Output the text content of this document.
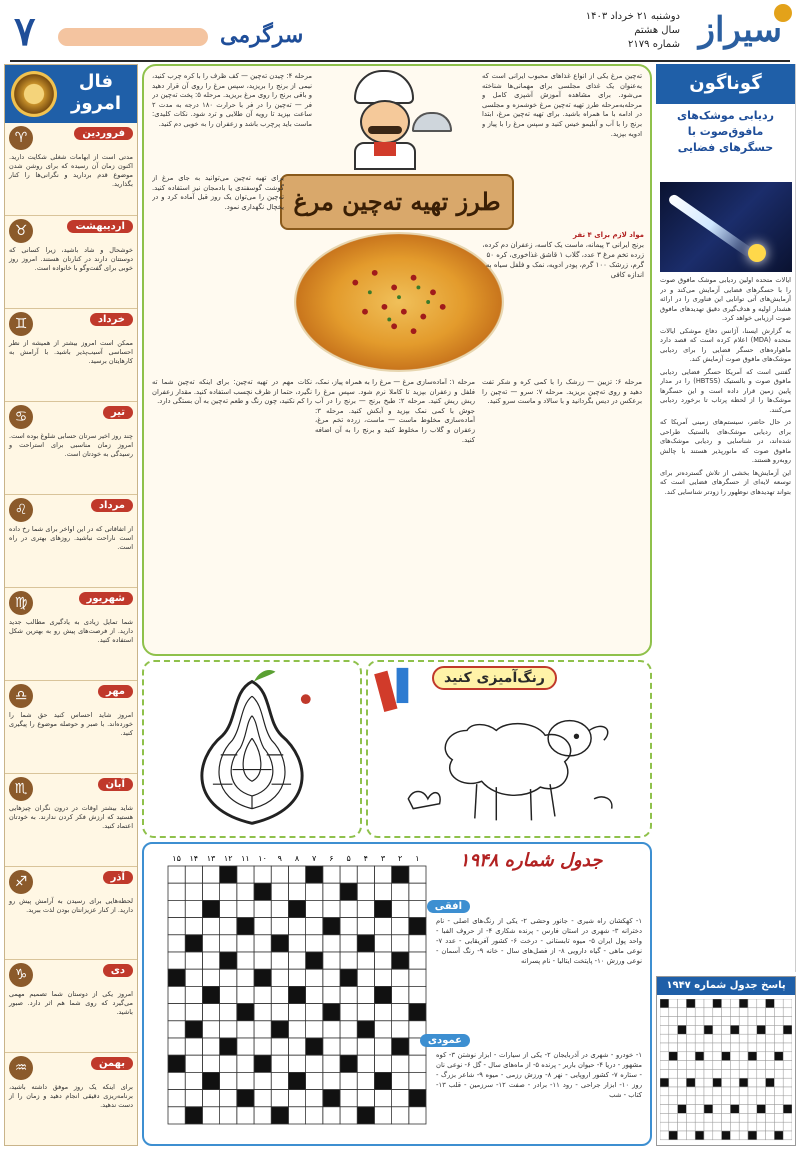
سیراز
دوشنبه ۲۱ خرداد ۱۴۰۳
سال هشتم
شماره ۲۱۷۹
سرگرمی
۷
فال امروز
♈	فروردین
مدتی است از ابهامات شغلی شکایت دارید. اکنون زمان آن رسیده که برای روشن شدن موضوع قدم بردارید و نگرانی‌ها را کنار بگذارید.
♉	اردیبهشت
خوشحال و شاد باشید، زیرا کسانی که دوستتان دارند در کنارتان هستند. امروز روز خوبی برای گفت‌وگو با خانواده است.
♊	خرداد
ممکن است امروز بیشتر از همیشه از نظر احساسی آسیب‌پذیر باشید. با آرامش به کارهایتان برسید.
♋	تیر
چند روز اخیر سرتان حسابی شلوغ بوده است. امروز زمان مناسبی برای استراحت و رسیدگی به خودتان است.
♌	مرداد
از اتفاقاتی که در این اواخر برای شما رخ داده است ناراحت نباشید. روزهای بهتری در راه است.
♍	شهریور
شما تمایل زیادی به یادگیری مطالب جدید دارید. از فرصت‌های پیش رو به بهترین شکل استفاده کنید.
♎	مهر
امروز شاید احساس کنید حق شما را خورده‌اند. با صبر و حوصله موضوع را پیگیری کنید.
♏	آبان
شاید بیشتر اوقات در درون نگران چیزهایی هستید که ارزش فکر کردن ندارند. به خودتان اعتماد کنید.
♐	آذر
لحظه‌هایی برای رسیدن به آرامش پیش رو دارید. از کنار عزیزانتان بودن لذت ببرید.
♑	دی
امروز یکی از دوستان شما تصمیم مهمی می‌گیرد که روی شما هم اثر دارد. صبور باشید.
♒	بهمن
برای اینکه یک روز موفق داشته باشید، برنامه‌ریزی دقیقی انجام دهید و زمان را از دست ندهید.
طرز تهیه ته‌چین مرغ
مواد لازم برای ۴ نفر
برنج ایرانی ۳ پیمانه، ماست یک کاسه، زعفران دم کرده، زرده تخم مرغ ۳ عدد، گلاب ۱ قاشق غذاخوری، کره ۵۰ گرم، زرشک ۱۰۰ گرم، پودر ادویه، نمک و فلفل سیاه به اندازه کافی
ته‌چین مرغ یکی از انواع غذاهای محبوب ایرانی است که به‌عنوان یک غذای مجلسی برای مهمانی‌ها شناخته می‌شود. برای مشاهده آموزش آشپزی کامل و مرحله‌به‌مرحله طرز تهیه ته‌چین مرغ خوشمزه و مجلسی در ادامه با ما همراه باشید. برای تهیه ته‌چین مرغ، ابتدا برنج را با آب و آبلیمو خیس کنید و سپس مرغ را با پیاز و ادویه بپزید.
مرحله ۴: چیدن ته‌چین — کف ظرف را با کره چرب کنید، نیمی از برنج را بریزید، سپس مرغ را روی آن قرار دهید و باقی برنج را روی مرغ بریزید. مرحله ۵: پخت ته‌چین در فر — ته‌چین را در فر با حرارت ۱۸۰ درجه به مدت ۲ ساعت بپزید تا رویه آن طلایی و ترد شود. نکات کلیدی: ماست باید پرچرب باشد و زعفران را به خوبی دم کنید.
برای تهیه ته‌چین می‌توانید به جای مرغ از گوشت گوسفندی یا بادمجان نیز استفاده کنید. ته‌چین را می‌توان یک روز قبل آماده کرد و در یخچال نگهداری نمود.
مرحله ۶: تزیین — زرشک را با کمی کره و شکر تفت دهید و روی ته‌چین بریزید. مرحله ۷: سرو — ته‌چین را برعکس در دیس بگردانید و با سالاد و ماست سرو کنید.
مرحله ۱: آماده‌سازی مرغ — مرغ را به همراه پیاز، نمک، فلفل و زعفران بپزید تا کاملا نرم شود. سپس مرغ را ریش ریش کنید. مرحله ۲: طبخ برنج — برنج را در آب جوش با کمی نمک بپزید و آبکش کنید. مرحله ۳: آماده‌سازی مخلوط ماست — ماست، زرده تخم مرغ، زعفران و گلاب را مخلوط کنید و برنج را به آن اضافه کنید.
نکات مهم در تهیه ته‌چین: برای اینکه ته‌چین شما ته نگیرد، حتما از ظرف نچسب استفاده کنید. مقدار زعفران را کم نکنید، چون رنگ و طعم ته‌چین به آن بستگی دارد.
گوناگون
ردیابی موشک‌های مافوق‌صوت با حسگرهای فضایی

ایالات متحده اولین ردیابی موشک مافوق صوت را با حسگرهای فضایی آزمایش می‌کند و در آزمایش‌های آتی توانایی این فناوری را در ارائه هشدار اولیه و هدف‌گیری دقیق تهدیدهای مافوق صوت ارزیابی خواهد کرد.

به گزارش ایسنا، آژانس دفاع موشکی ایالات متحده (MDA) اعلام کرده است که قصد دارد ماهواره‌های حسگر فضایی را برای ردیابی موشک‌های مافوق صوت آزمایش کند.

گفتنی است که آمریکا حسگر فضایی ردیابی مافوق صوت و بالستیک (HBTSS) را در مدار پایین زمین قرار داده است و این حسگرها موشک‌ها را از لحظه پرتاب تا برخورد ردیابی می‌کنند.

در حال حاضر، سیستم‌های زمینی آمریکا که برای ردیابی موشک‌های بالستیک طراحی شده‌اند، در شناسایی و ردیابی موشک‌های مافوق صوت که مانورپذیر هستند با چالش روبه‌رو هستند.

این آزمایش‌ها بخشی از تلاش گسترده‌تر برای توسعه لایه‌ای از حسگرهای فضایی است که بتواند تهدیدهای نوظهور را زودتر شناسایی کند.

پاسخ جدول شماره ۱۹۴۷
رنگ‌آمیزی کنید
۱
۲
۳
۴
۵
۶
۷
۸
۹
۱۰
۱۱
۱۲
۱۳
۱۴
۱۵	جدول شماره ۱۹۴۸
افقی
۱- کهکشان راه شیری - جانور وحشی ۲- یکی از رنگ‌های اصلی - نام دخترانه ۳- شهری در استان فارس - پرنده شکاری ۴- از حروف الفبا - واحد پول ایران ۵- میوه تابستانی - درخت ۶- کشور آفریقایی - عدد ۷- نوعی ماهی - گیاه دارویی ۸- از فصل‌های سال - خانه ۹- رنگ آسمان - نوعی ورزش ۱۰- پایتخت ایتالیا - نام پسرانه
عمودی
۱- خودرو - شهری در آذربایجان ۲- یکی از سیارات - ابزار نوشتن ۳- کوه مشهور - دریا ۴- حیوان باربر - پرنده ۵- از ماه‌های سال - گل ۶- نوعی نان - ستاره ۷- کشور اروپایی - نهر ۸- ورزش رزمی - میوه ۹- شاعر بزرگ - روز ۱۰- ابزار جراحی - رود ۱۱- برادر - صفت ۱۲- سرزمین - قلب ۱۳- کتاب - شب
